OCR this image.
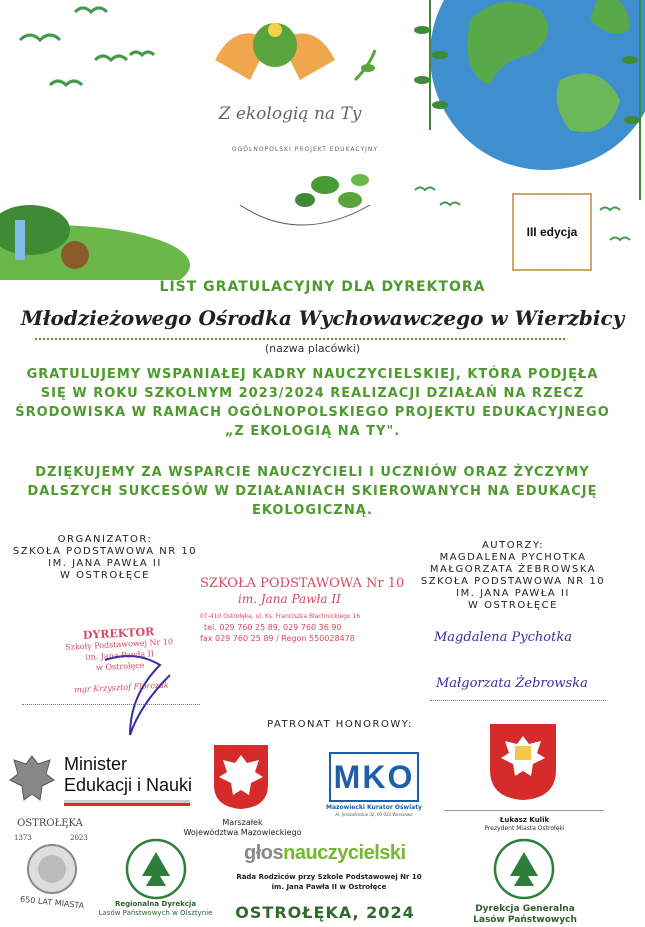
Z ekologią na Ty
OGÓLNOPOLSKI PROJEKT EDUKACYJNY
III edycja
LIST GRATULACYJNY DLA DYREKTORA
Młodzieżowego Ośrodka Wychowawczego w Wierzbicy
(nazwa placówki)
GRATULUJEMY WSPANIAŁEJ KADRY NAUCZYCIELSKIEJ, KTÓRA PODJĘŁA
SIĘ W ROKU SZKOLNYM 2023/2024 REALIZACJI DZIAŁAŃ NA RZECZ
ŚRODOWISKA W RAMACH OGÓLNOPOLSKIEGO PROJEKTU EDUKACYJNEGO
„Z EKOLOGIĄ NA TY".
DZIĘKUJEMY ZA WSPARCIE NAUCZYCIELI I UCZNIÓW ORAZ ŻYCZYMY
DALSZYCH SUKCESÓW W DZIAŁANIACH SKIEROWANYCH NA EDUKACJĘ
EKOLOGICZNĄ.
ORGANIZATOR:
SZKOŁA PODSTAWOWA NR 10
IM. JANA PAWŁA II
W OSTROŁĘCE
DYREKTOR
Szkoły Podstawowej Nr 10
im. Jana Pawła II
w Ostrołęce
mgr Krzysztof Florczak
SZKOŁA PODSTAWOWA Nr 10
im. Jana Pawła II
07-410 Ostrołęka, ul. Ks. Franciszka Blachnickiego 16
tel. 029 760 25 89, 029 760 36 90
fax 029 760 25 89 / Regon 550028478
AUTORZY:
MAGDALENA PYCHOTKA
MAŁGORZATA ŻEBROWSKA
SZKOŁA PODSTAWOWA NR 10
IM. JANA PAWŁA II
W OSTROŁĘCE
Magdalena Pychotka
Małgorzata Żebrowska
PATRONAT HONOROWY:
Minister
Edukacji i Nauki
Marszałek
Województwa Mazowieckiego
MKO
Mazowiecki Kurator Oświaty
Al. Jerozolimskie 32, 00-024 Warszawa
Łukasz Kulik
Prezydent Miasta Ostrołęki
OSTROŁĘKA
1373	2023
650 LAT MIASTA	Regionalna Dyrekcja
Lasów Państwowych w Olsztynie
głosnauczycielski
Rada Rodziców przy Szkole Podstawowej Nr 10
im. Jana Pawła II w Ostrołęce
Dyrekcja Generalna
Lasów Państwowych
OSTROŁĘKA, 2024
